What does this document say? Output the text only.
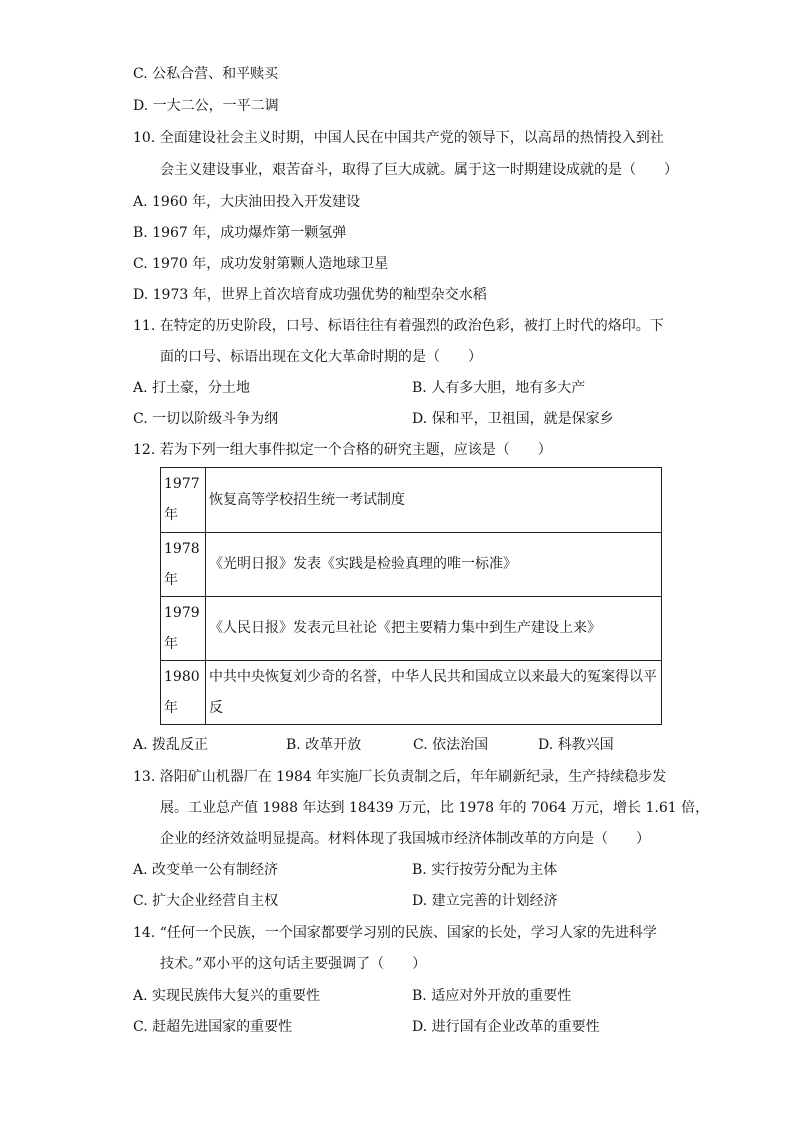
C. 公私合营、和平赎买
D. 一大二公，一平二调
10. 全面建设社会主义时期，中国人民在中国共产党的领导下，以高昂的热情投入到社
会主义建设事业，艰苦奋斗，取得了巨大成就。属于这一时期建设成就的是（　　）
A. 1960 年，大庆油田投入开发建设
B. 1967 年，成功爆炸第一颗氢弹
C. 1970 年，成功发射第颗人造地球卫星
D. 1973 年，世界上首次培育成功强优势的籼型杂交水稻
11. 在特定的历史阶段，口号、标语往往有着强烈的政治色彩，被打上时代的烙印。下
面的口号、标语出现在文化大革命时期的是（　　）
A. 打土豪，分土地	B. 人有多大胆，地有多大产
C. 一切以阶级斗争为纲	D. 保和平，卫祖国，就是保家乡
12. 若为下列一组大事件拟定一个合格的研究主题，应该是（　　）
1977 年	恢复高等学校招生统一考试制度
1978 年	《光明日报》发表《实践是检验真理的唯一标准》
1979 年	《人民日报》发表元旦社论《把主要精力集中到生产建设上来》
1980 年	中共中央恢复刘少奇的名誉，中华人民共和国成立以来最大的冤案得以平反
A. 拨乱反正	B. 改革开放	C. 依法治国	D. 科教兴国
13. 洛阳矿山机器厂在 1984 年实施厂长负责制之后，年年刷新纪录，生产持续稳步发
展。工业总产值 1988 年达到 18439 万元，比 1978 年的 7064 万元，增长 1.61 倍，
企业的经济效益明显提高。材料体现了我国城市经济体制改革的方向是（　　）
A. 改变单一公有制经济	B. 实行按劳分配为主体
C. 扩大企业经营自主权	D. 建立完善的计划经济
14. “任何一个民族，一个国家都要学习别的民族、国家的长处，学习人家的先进科学
技术。”邓小平的这句话主要强调了（　　）
A. 实现民族伟大复兴的重要性	B. 适应对外开放的重要性
C. 赶超先进国家的重要性	D. 进行国有企业改革的重要性
